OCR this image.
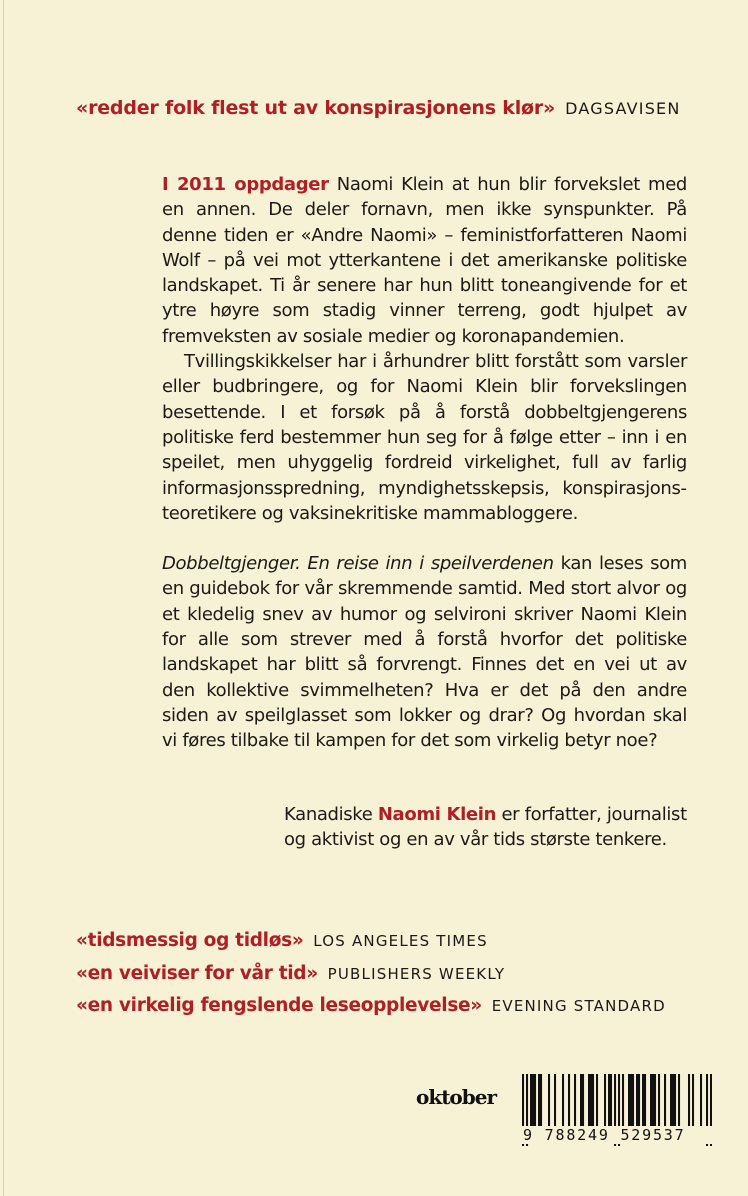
«redder folk flest ut av konspirasjonens klør» DAGSAVISEN

I 2011 oppdager Naomi Klein at hun blir forvekslet med en annen. De deler fornavn, men ikke synspunkter. På denne tiden er «Andre Naomi» – feministforfatteren Naomi Wolf – på vei mot ytterkantene i det amerikanske politiske landskapet. Ti år senere har hun blitt toneangivende for et ytre høyre som stadig vinner terreng, godt hjulpet av fremveksten av sosiale medier og koronapandemien.

Tvillingskikkelser har i århundrer blitt forstått som varsler eller budbringere, og for Naomi Klein blir forvekslingen besettende. I et forsøk på å forstå dobbeltgjengerens politiske ferd bestemmer hun seg for å følge etter – inn i en speilet, men uhyggelig fordreid virkelighet, full av farlig informasjonsspredning, myndighetsskepsis, konspirasjonsteoretikere og vaksinekritiske mammabloggere.

Dobbeltgjenger. En reise inn i speilverdenen kan leses som en guidebok for vår skremmende samtid. Med stort alvor og et kledelig snev av humor og selvironi skriver Naomi Klein for alle som strever med å forstå hvorfor det politiske landskapet har blitt så forvrengt. Finnes det en vei ut av den kollektive svimmelheten? Hva er det på den andre siden av speilglasset som lokker og drar? Og hvordan skal vi føres tilbake til kampen for det som virkelig betyr noe?

Kanadiske Naomi Klein er forfatter, journalist og aktivist og en av vår tids største tenkere.
«tidsmessig og tidløs» LOS ANGELES TIMES
«en veiviser for vår tid» PUBLISHERS WEEKLY
«en virkelig fengslende leseopplevelse» EVENING STANDARD
oktober
9 788249 529537
